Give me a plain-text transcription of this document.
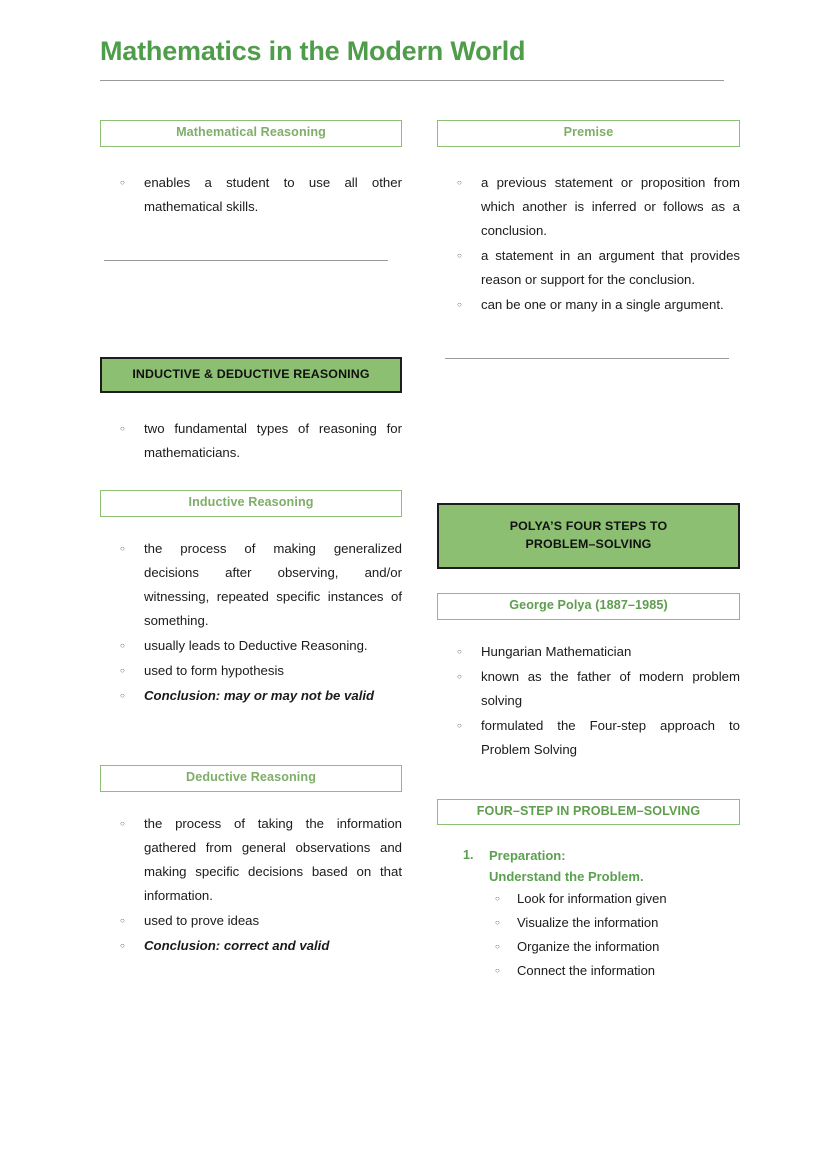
Mathematics in the Modern World
Mathematical Reasoning
○ enables a student to use all other mathematical skills.
INDUCTIVE & DEDUCTIVE REASONING
○ two fundamental types of reasoning for mathematicians.
Inductive Reasoning
○ the process of making generalized decisions after observing, and/or witnessing, repeated specific instances of something.
○ usually leads to Deductive Reasoning.
○ used to form hypothesis
○ Conclusion: may or may not be valid
Deductive Reasoning
○ the process of taking the information gathered from general observations and making specific decisions based on that information.
○ used to prove ideas
○ Conclusion: correct and valid
Premise
○ a previous statement or proposition from which another is inferred or follows as a conclusion.
○ a statement in an argument that provides reason or support for the conclusion.
○ can be one or many in a single argument.
POLYA’S FOUR STEPS TO
PROBLEM–SOLVING
George Polya (1887–1985)
○ Hungarian Mathematician
○ known as the father of modern problem solving
○ formulated the Four-step approach to Problem Solving
FOUR–STEP IN PROBLEM–SOLVING
1. Preparation:
Understand the Problem.
○ Look for information given
○ Visualize the information
○ Organize the information
○ Connect the information
